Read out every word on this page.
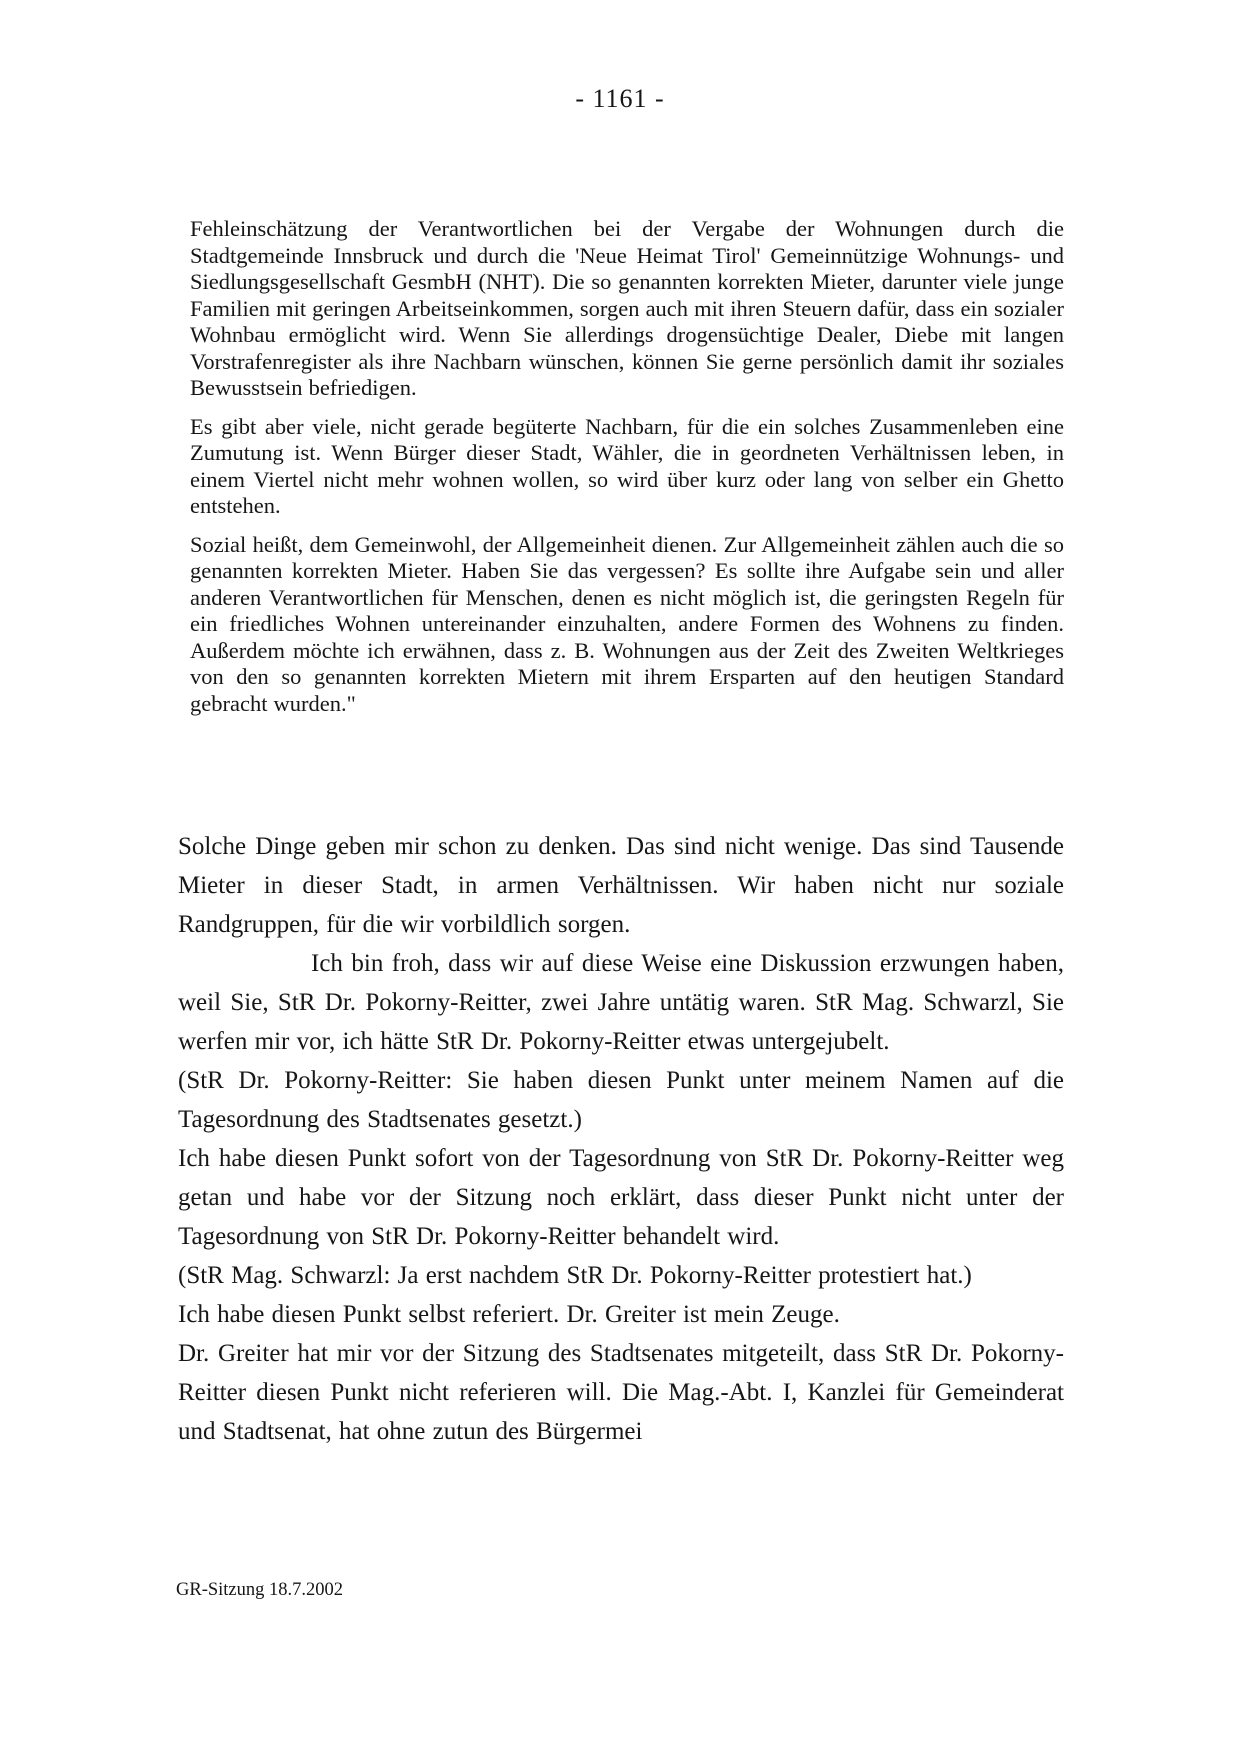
- 1161 -

Fehleinschätzung der Verantwortlichen bei der Vergabe der Wohnungen durch die Stadtgemeinde Innsbruck und durch die 'Neue Heimat Tirol' Gemeinnützige Wohnungs- und Siedlungsgesellschaft GesmbH (NHT). Die so genannten korrekten Mieter, darunter viele junge Familien mit geringen Arbeitseinkommen, sorgen auch mit ihren Steuern dafür, dass ein sozialer Wohnbau ermöglicht wird. Wenn Sie allerdings drogensüchtige Dealer, Diebe mit langen Vorstrafenregister als ihre Nachbarn wünschen, können Sie gerne persönlich damit ihr soziales Bewusstsein befriedigen.

Es gibt aber viele, nicht gerade begüterte Nachbarn, für die ein solches Zusammenleben eine Zumutung ist. Wenn Bürger dieser Stadt, Wähler, die in geordneten Verhältnissen leben, in einem Viertel nicht mehr wohnen wollen, so wird über kurz oder lang von selber ein Ghetto entstehen.

Sozial heißt, dem Gemeinwohl, der Allgemeinheit dienen. Zur Allgemeinheit zählen auch die so genannten korrekten Mieter. Haben Sie das vergessen? Es sollte ihre Aufgabe sein und aller anderen Verantwortlichen für Menschen, denen es nicht möglich ist, die geringsten Regeln für ein friedliches Wohnen untereinander einzuhalten, andere Formen des Wohnens zu finden. Außerdem möchte ich erwähnen, dass z. B. Wohnungen aus der Zeit des Zweiten Weltkrieges von den so genannten korrekten Mietern mit ihrem Ersparten auf den heutigen Standard gebracht wurden."

Solche Dinge geben mir schon zu denken. Das sind nicht wenige. Das sind Tausende Mieter in dieser Stadt, in armen Verhältnissen. Wir haben nicht nur soziale Randgruppen, für die wir vorbildlich sorgen.

Ich bin froh, dass wir auf diese Weise eine Diskussion erzwungen haben, weil Sie, StR Dr. Pokorny-Reitter, zwei Jahre untätig waren. StR Mag. Schwarzl, Sie werfen mir vor, ich hätte StR Dr. Pokorny-Reitter etwas untergejubelt.

(StR Dr. Pokorny-Reitter: Sie haben diesen Punkt unter meinem Namen auf die Tagesordnung des Stadtsenates gesetzt.)

Ich habe diesen Punkt sofort von der Tagesordnung von StR Dr. Pokorny-Reitter weg getan und habe vor der Sitzung noch erklärt, dass dieser Punkt nicht unter der Tagesordnung von StR Dr. Pokorny-Reitter behandelt wird.

(StR Mag. Schwarzl: Ja erst nachdem StR Dr. Pokorny-Reitter protestiert hat.)

Ich habe diesen Punkt selbst referiert. Dr. Greiter ist mein Zeuge.

Dr. Greiter hat mir vor der Sitzung des Stadtsenates mitgeteilt, dass StR Dr. Pokorny-Reitter diesen Punkt nicht referieren will. Die Mag.-Abt. I, Kanzlei für Gemeinderat und Stadtsenat, hat ohne zutun des Bürgermei

GR-Sitzung 18.7.2002
